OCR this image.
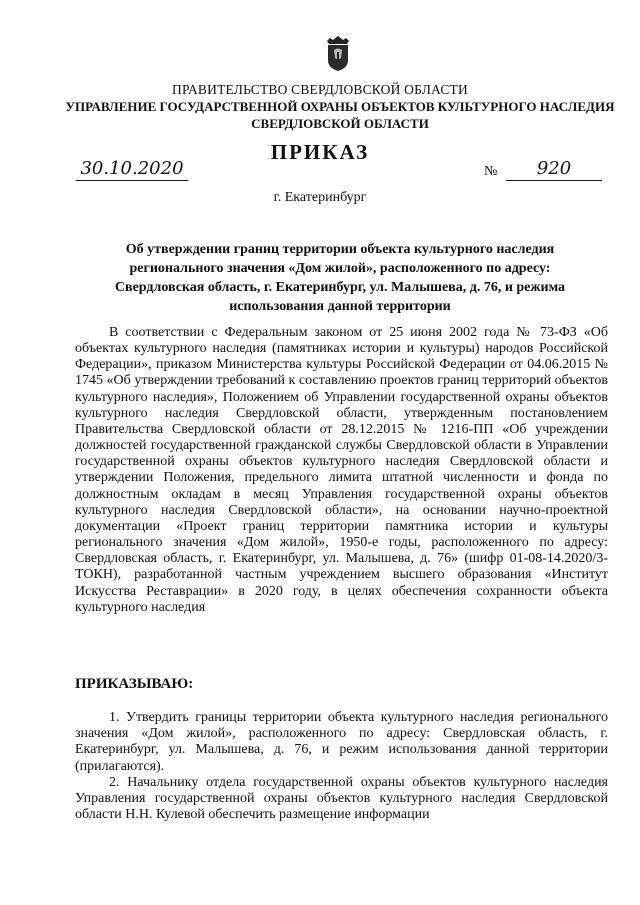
ПРАВИТЕЛЬСТВО СВЕРДЛОВСКОЙ ОБЛАСТИ
УПРАВЛЕНИЕ ГОСУДАРСТВЕННОЙ ОХРАНЫ ОБЪЕКТОВ КУЛЬТУРНОГО НАСЛЕДИЯ
СВЕРДЛОВСКОЙ ОБЛАСТИ
ПРИКАЗ
30.10.2020	№	920
г. Екатеринбург
Об утверждении границ территории объекта культурного наследия регионального значения «Дом жилой», расположенного по адресу: Свердловская область, г. Екатеринбург, ул. Малышева, д. 76, и режима использования данной территории

В соответствии с Федеральным законом от 25 июня 2002 года № 73-ФЗ «Об объектах культурного наследия (памятниках истории и культуры) народов Российской Федерации», приказом Министерства культуры Российской Федерации от 04.06.2015 № 1745 «Об утверждении требований к составлению проектов границ территорий объектов культурного наследия», Положением об Управлении государственной охраны объектов культурного наследия Свердловской области, утвержденным постановлением Правительства Свердловской области от 28.12.2015 № 1216-ПП «Об учреждении должностей государственной гражданской службы Свердловской области в Управлении государственной охраны объектов культурного наследия Свердловской области и утверждении Положения, предельного лимита штатной численности и фонда по должностным окладам в месяц Управления государственной охраны объектов культурного наследия Свердловской области», на основании научно-проектной документации «Проект границ территории памятника истории и культуры регионального значения «Дом жилой», 1950-е годы, расположенного по адресу: Свердловская область, г. Екатеринбург, ул. Малышева, д. 76» (шифр 01-08-14.2020/3-ТОКН), разработанной частным учреждением высшего образования «Институт Искусства Реставрации» в 2020 году, в целях обеспечения сохранности объекта культурного наследия

ПРИКАЗЫВАЮ:

1. Утвердить границы территории объекта культурного наследия регионального значения «Дом жилой», расположенного по адресу: Свердловская область, г. Екатеринбург, ул. Малышева, д. 76, и режим использования данной территории (прилагаются).

2. Начальнику отдела государственной охраны объектов культурного наследия Управления государственной охраны объектов культурного наследия Свердловской области Н.Н. Кулевой обеспечить размещение информации
